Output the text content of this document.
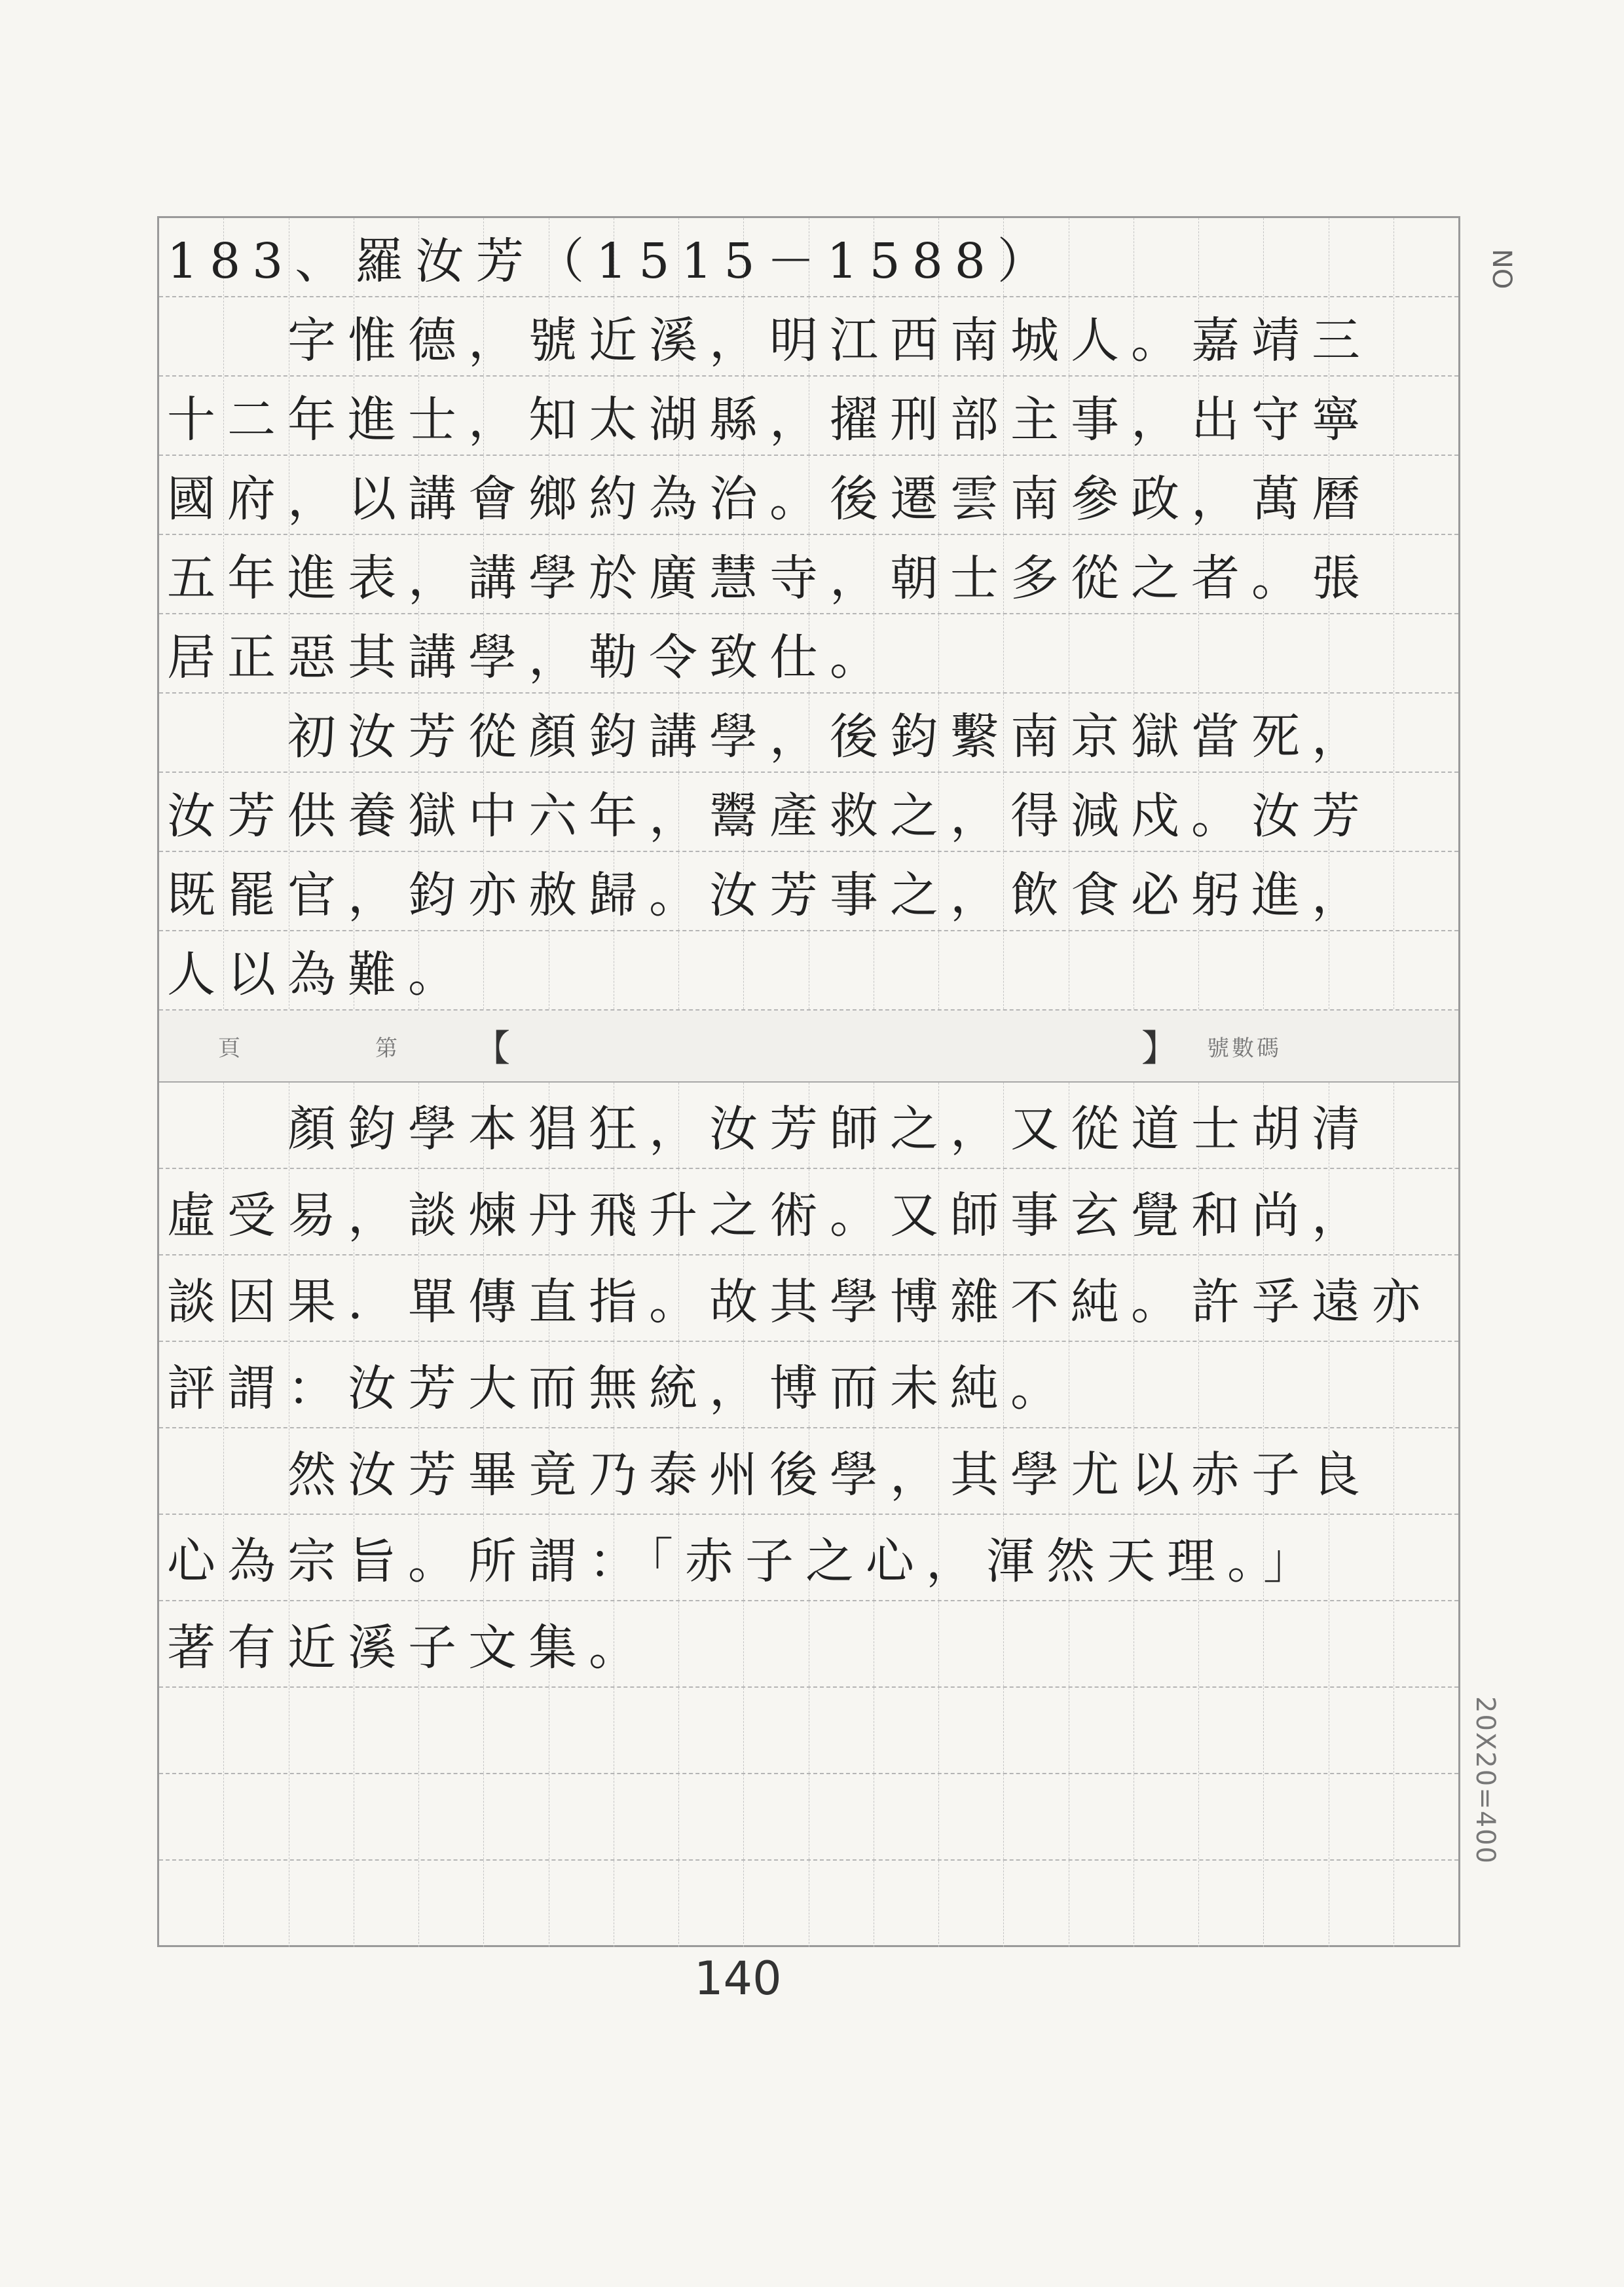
NO
20X20=400
183、羅汝芳（1515－1588）
　　字惟德，號近溪，明江西南城人。嘉靖三
十二年進士，知太湖縣，擢刑部主事，出守寧
國府，以講會鄉約為治。後遷雲南參政，萬曆
五年進表，講學於廣慧寺，朝士多從之者。張
居正惡其講學，勒令致仕。
　　初汝芳從顏鈞講學，後鈞繫南京獄當死，
汝芳供養獄中六年，鬻產救之，得減戍。汝芳
既罷官，鈞亦赦歸。汝芳事之，飲食必躬進，
人以為難。
頁	第 【	】 號數碼
　　顏鈞學本猖狂，汝芳師之，又從道士胡清
虛受易，談煉丹飛升之術。又師事玄覺和尚，
談因果．單傳直指。故其學博雜不純。許孚遠亦
評謂：汝芳大而無統，博而未純。
　　然汝芳畢竟乃泰州後學，其學尤以赤子良
心為宗旨。所謂：「赤子之心，渾然天理。」
著有近溪子文集。
140
